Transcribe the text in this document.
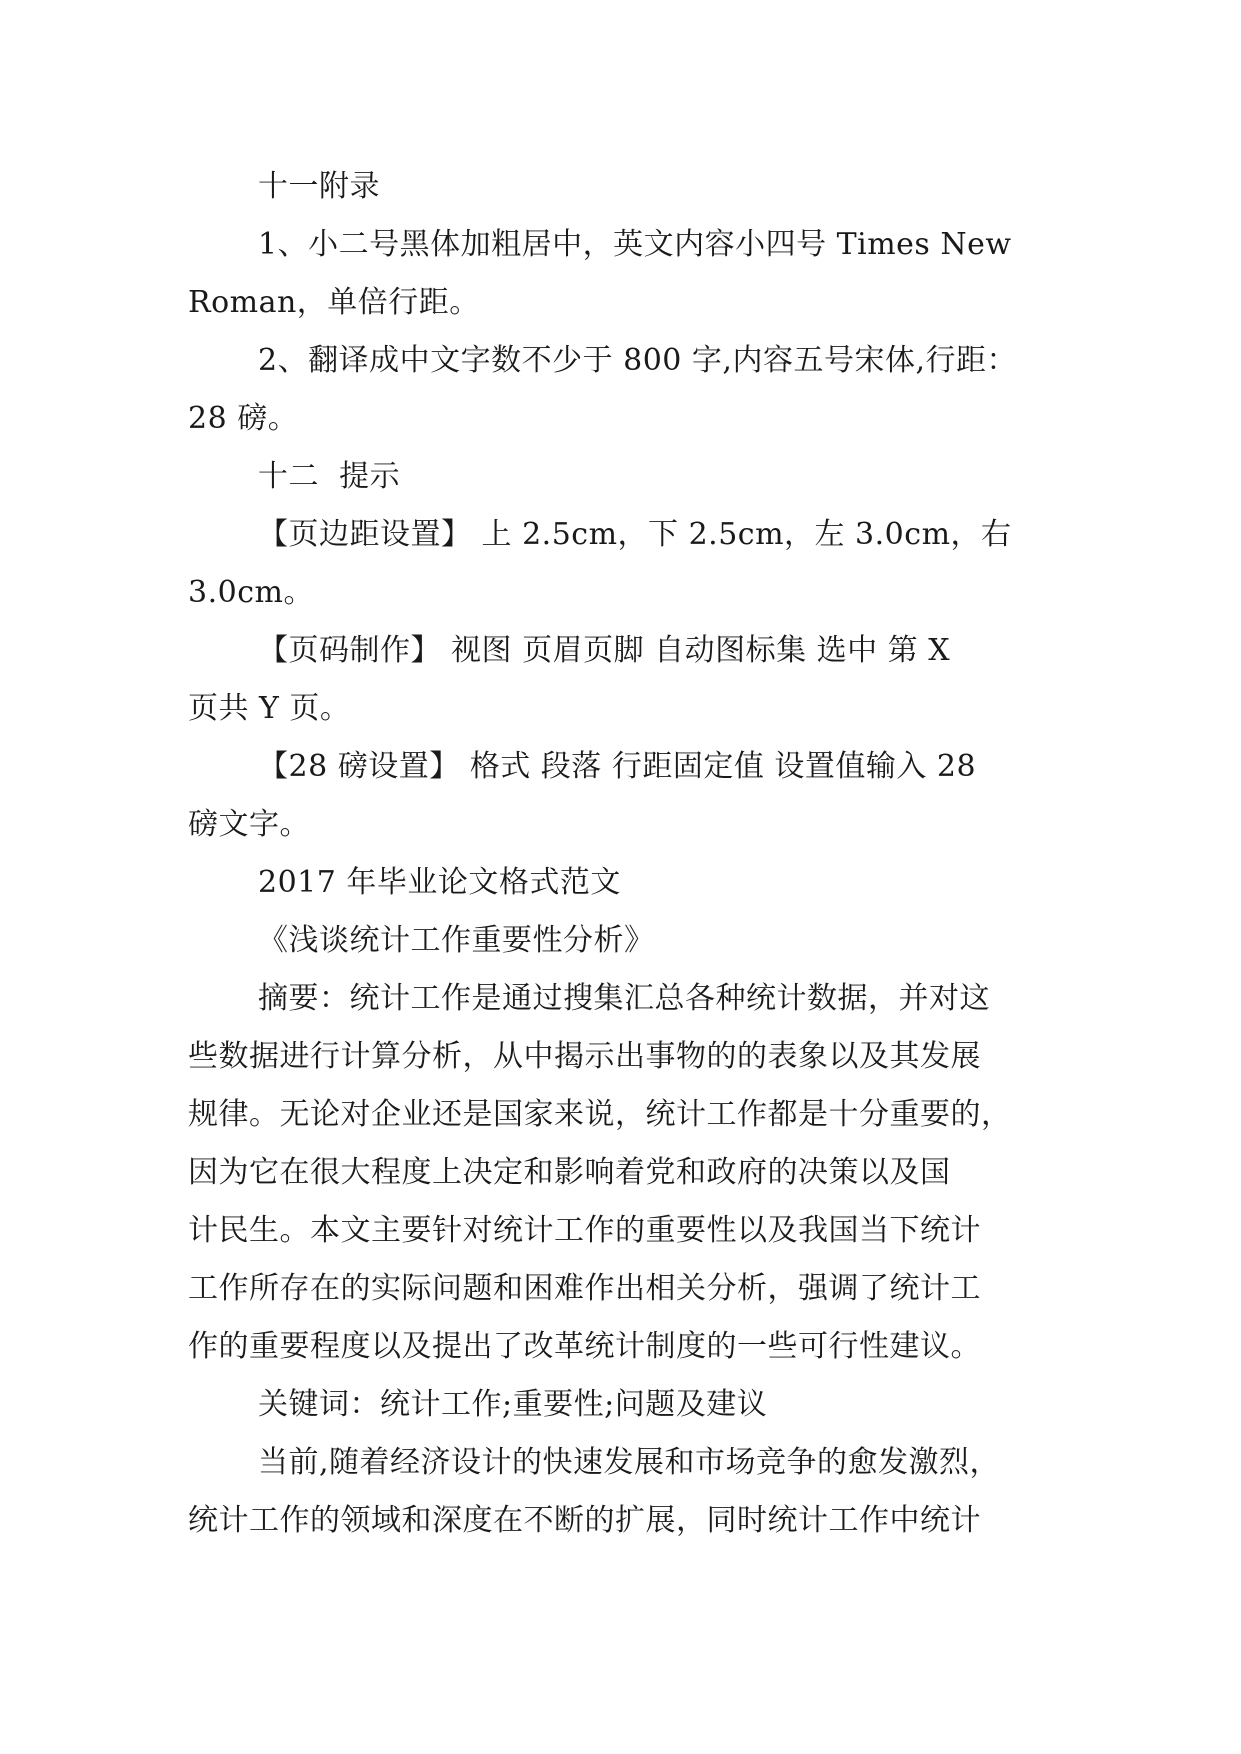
十一附录
1、小二号黑体加粗居中，英文内容小四号 Times New
Roman，单倍行距。
2、翻译成中文字数不少于 800 字,内容五号宋体,行距：
28 磅。
十二  提示
【页边距设置】 上 2.5cm，下 2.5cm，左 3.0cm，右
3.0cm。
【页码制作】 视图 页眉页脚 自动图标集 选中 第 X
页共 Y 页。
【28 磅设置】 格式 段落 行距固定值 设置值输入 28
磅文字。
2017 年毕业论文格式范文
《浅谈统计工作重要性分析》
摘要：统计工作是通过搜集汇总各种统计数据，并对这
些数据进行计算分析，从中揭示出事物的的表象以及其发展
规律。无论对企业还是国家来说，统计工作都是十分重要的，
因为它在很大程度上决定和影响着党和政府的决策以及国
计民生。本文主要针对统计工作的重要性以及我国当下统计
工作所存在的实际问题和困难作出相关分析，强调了统计工
作的重要程度以及提出了改革统计制度的一些可行性建议。
关键词：统计工作;重要性;问题及建议
当前,随着经济设计的快速发展和市场竞争的愈发激烈，
统计工作的领域和深度在不断的扩展，同时统计工作中统计
